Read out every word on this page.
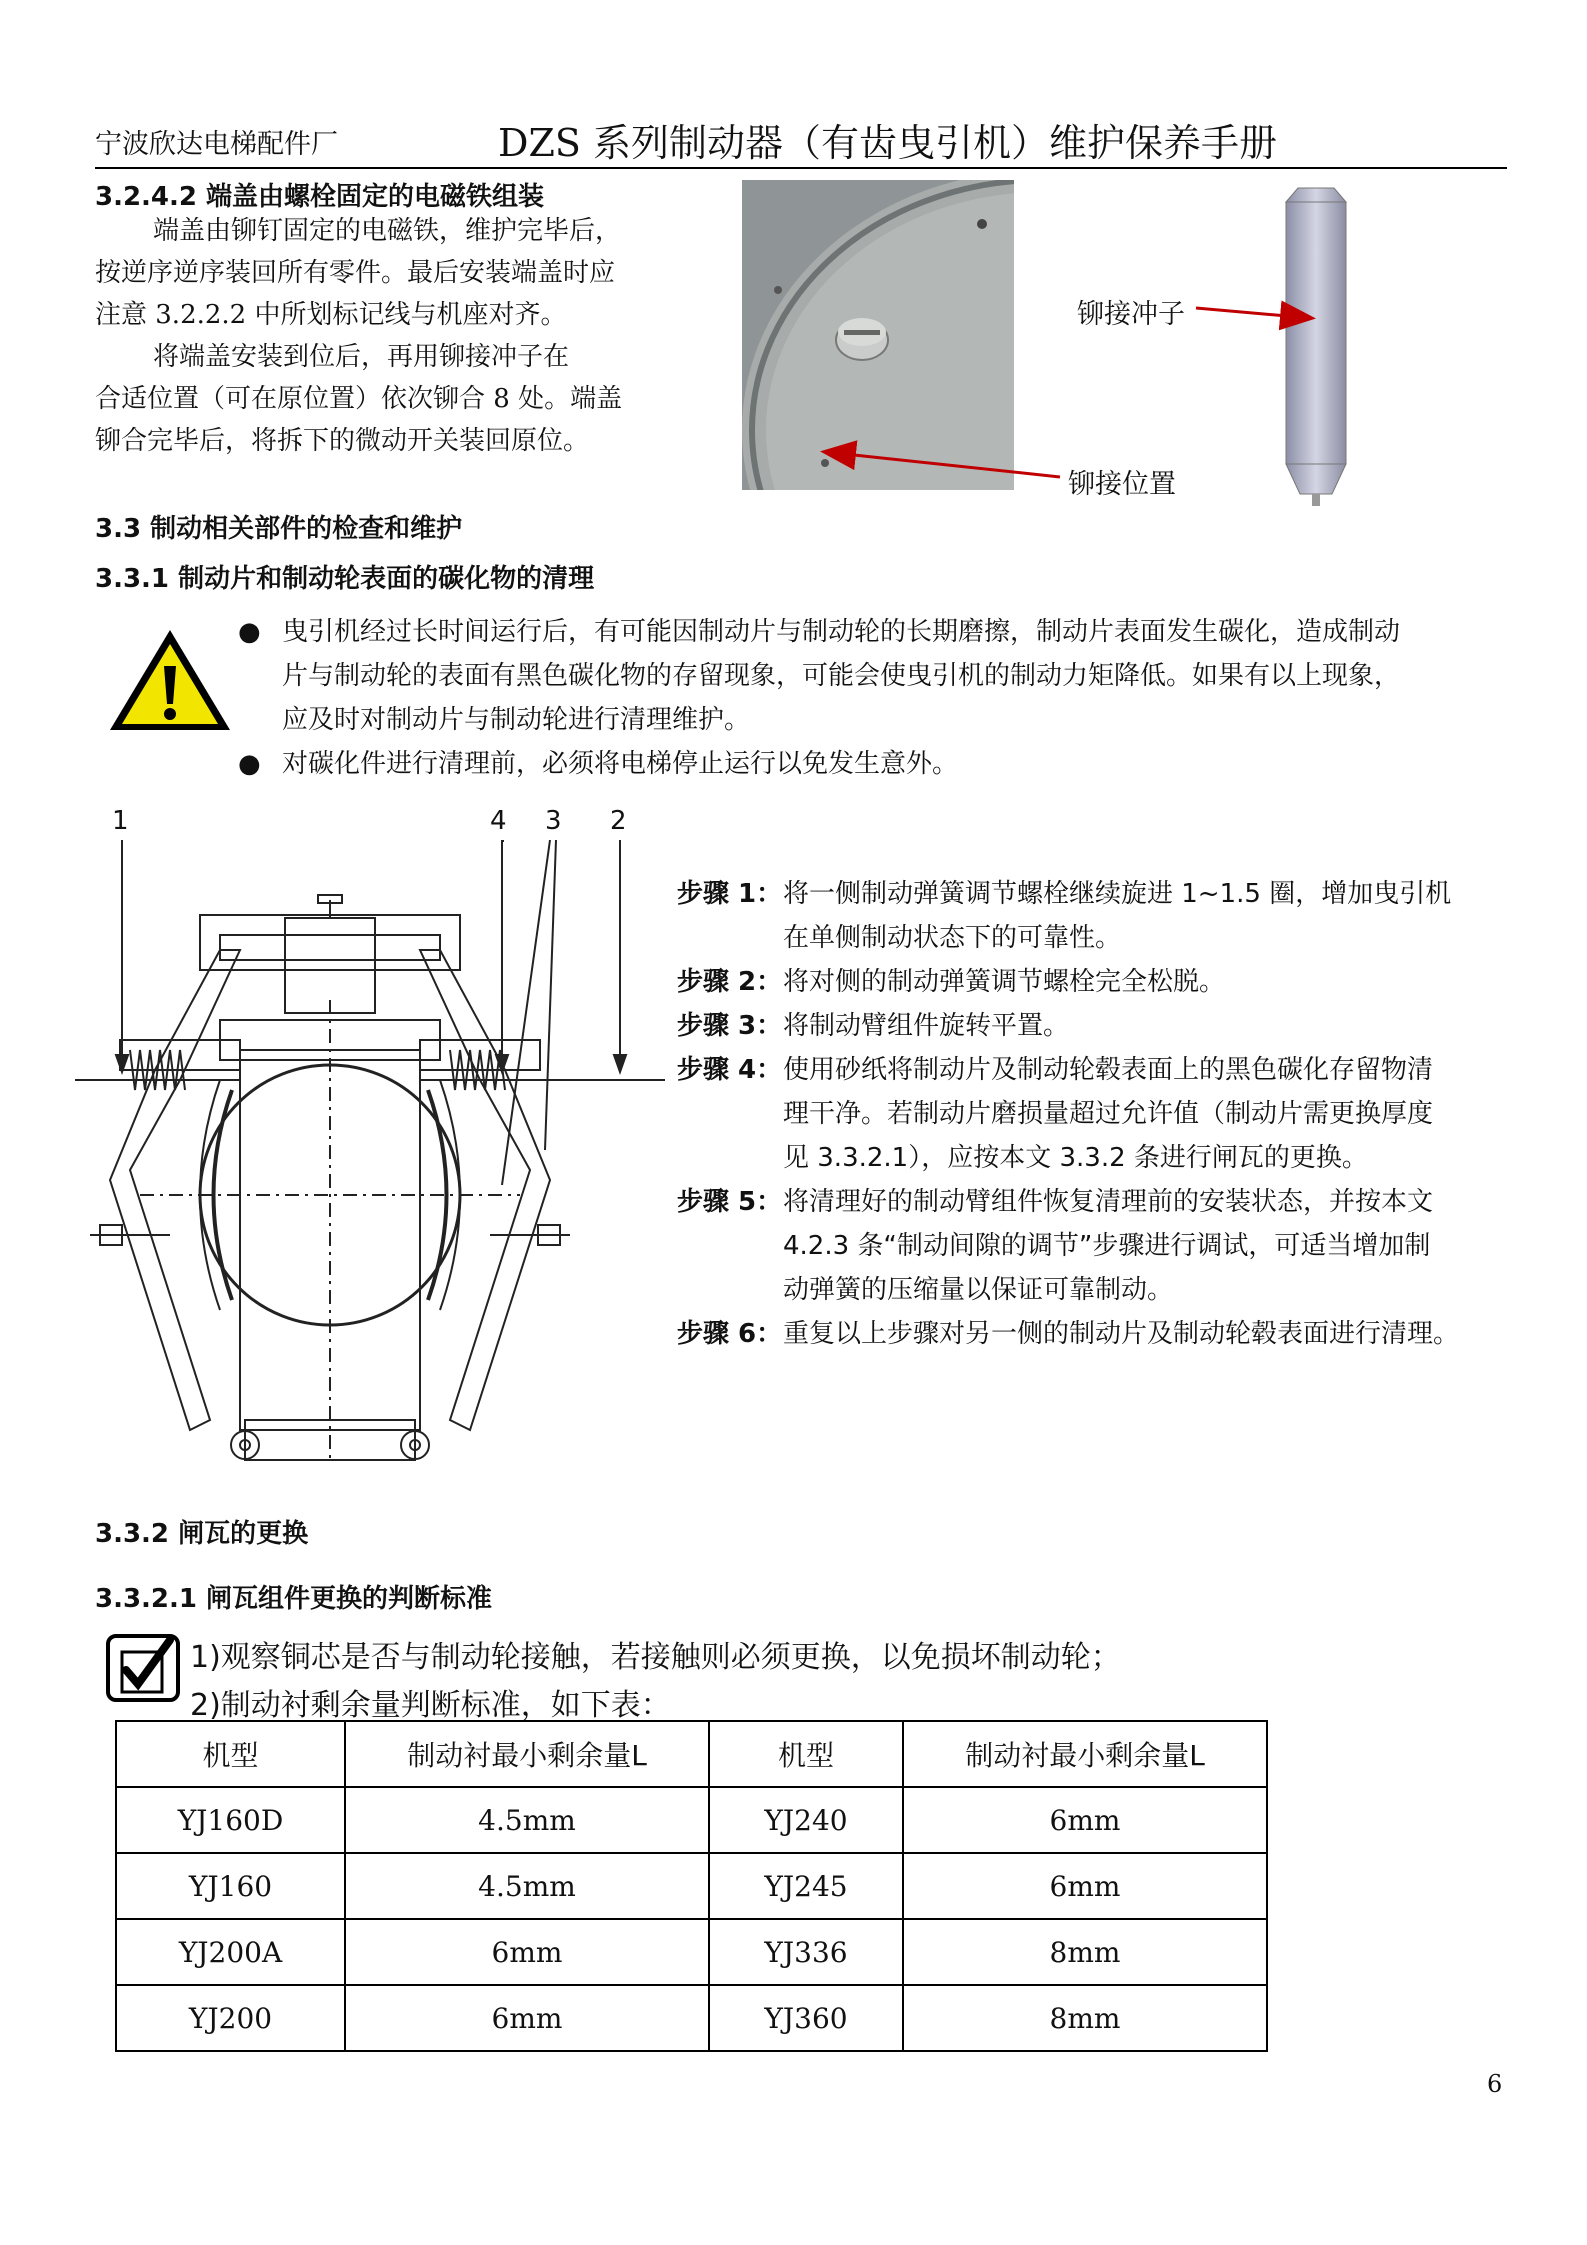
宁波欣达电梯配件厂	DZS 系列制动器（有齿曳引机）维护保养手册
3.2.4.2 端盖由螺栓固定的电磁铁组装
端盖由铆钉固定的电磁铁，维护完毕后，
按逆序逆序装回所有零件。最后安装端盖时应
注意 3.2.2.2 中所划标记线与机座对齐。
将端盖安装到位后，再用铆接冲子在
合适位置（可在原位置）依次铆合 8 处。端盖
铆合完毕后，将拆下的微动开关装回原位。
铆接冲子
铆接位置
3.3 制动相关部件的检查和维护
3.3.1 制动片和制动轮表面的碳化物的清理
● 曳引机经过长时间运行后，有可能因制动片与制动轮的长期磨擦，制动片表面发生碳化，造成制动
片与制动轮的表面有黑色碳化物的存留现象，可能会使曳引机的制动力矩降低。如果有以上现象，
应及时对制动片与制动轮进行清理维护。
● 对碳化件进行清理前，必须将电梯停止运行以免发生意外。
1	4 3 2
步骤 1： 将一侧制动弹簧调节螺栓继续旋进 1~1.5 圈，增加曳引机
在单侧制动状态下的可靠性。
步骤 2： 将对侧的制动弹簧调节螺栓完全松脱。
步骤 3： 将制动臂组件旋转平置。
步骤 4： 使用砂纸将制动片及制动轮毂表面上的黑色碳化存留物清
理干净。若制动片磨损量超过允许值（制动片需更换厚度
见 3.3.2.1），应按本文 3.3.2 条进行闸瓦的更换。
步骤 5： 将清理好的制动臂组件恢复清理前的安装状态，并按本文
4.2.3 条“制动间隙的调节”步骤进行调试，可适当增加制
动弹簧的压缩量以保证可靠制动。
步骤 6： 重复以上步骤对另一侧的制动片及制动轮毂表面进行清理。
3.3.2 闸瓦的更换
3.3.2.1 闸瓦组件更换的判断标准
1)观察铜芯是否与制动轮接触，若接触则必须更换，以免损坏制动轮；
2)制动衬剩余量判断标准，如下表：
机型	制动衬最小剩余量L	机型	制动衬最小剩余量L
YJ160D	4.5mm	YJ240	6mm
YJ160	4.5mm	YJ245	6mm
YJ200A	6mm	YJ336	8mm
YJ200	6mm	YJ360	8mm
6
